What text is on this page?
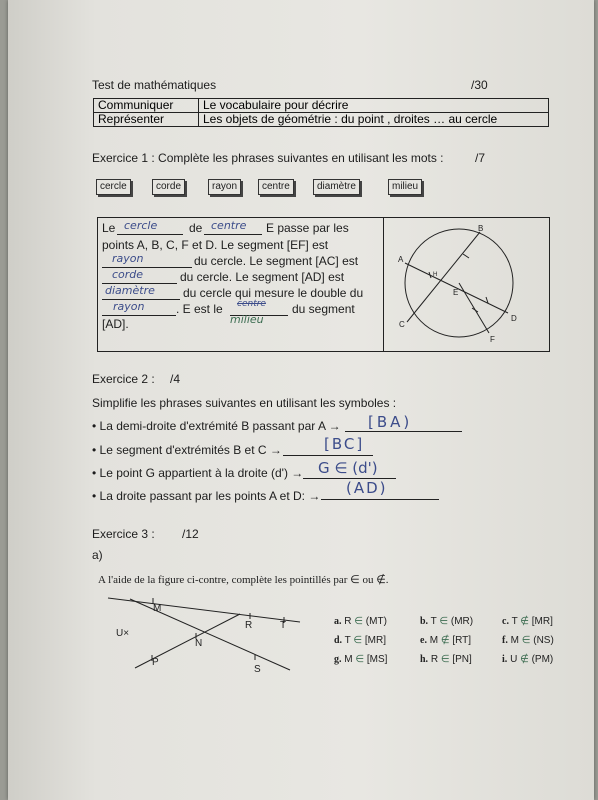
Test de mathématiques	/30
Communiquer	Le vocabulaire pour décrire
Représenter	Les objets de géométrie : du point , droites … au cercle
Exercice 1 : Complète les phrases suivantes en utilisant les mots :	/7
cercle	corde	rayon	centre	diamètre	milieu
Le cercle	de centre E passe par les
points A, B, C, F et D. Le segment [EF] est
rayon	du cercle. Le segment [AC] est
corde	du cercle. Le segment [AD] est
diamètre du cercle qui mesure le double du
rayon	. E est le centre
milieu
du segment
[AD].
B
A
H
E
C
D
F
Exercice 2 : /4
Simplifie les phrases suivantes en utilisant les symboles :
• La demi-droite d'extrémité B passant par A → [BA)
• Le segment d'extrémités B et C →	[BC]
• Le point G appartient à la droite (d') → G ∈ (d')
• La droite passant par les points A et D: → (AD)
Exercice 3 : /12
a)
A l'aide de la figure ci-contre, complète les pointillés par ∈ ou ∉.
M
R	T
U×
N
P
S
a. R ∈ (MT)	b. T ∈ (MR)	c. T ∉ [MR]
d. T ∈ [MR]	e. M ∉ [RT]	f. M ∈ (NS)
g. M ∈ [MS]	h. R ∈ [PN]	i. U ∉ (PM)
